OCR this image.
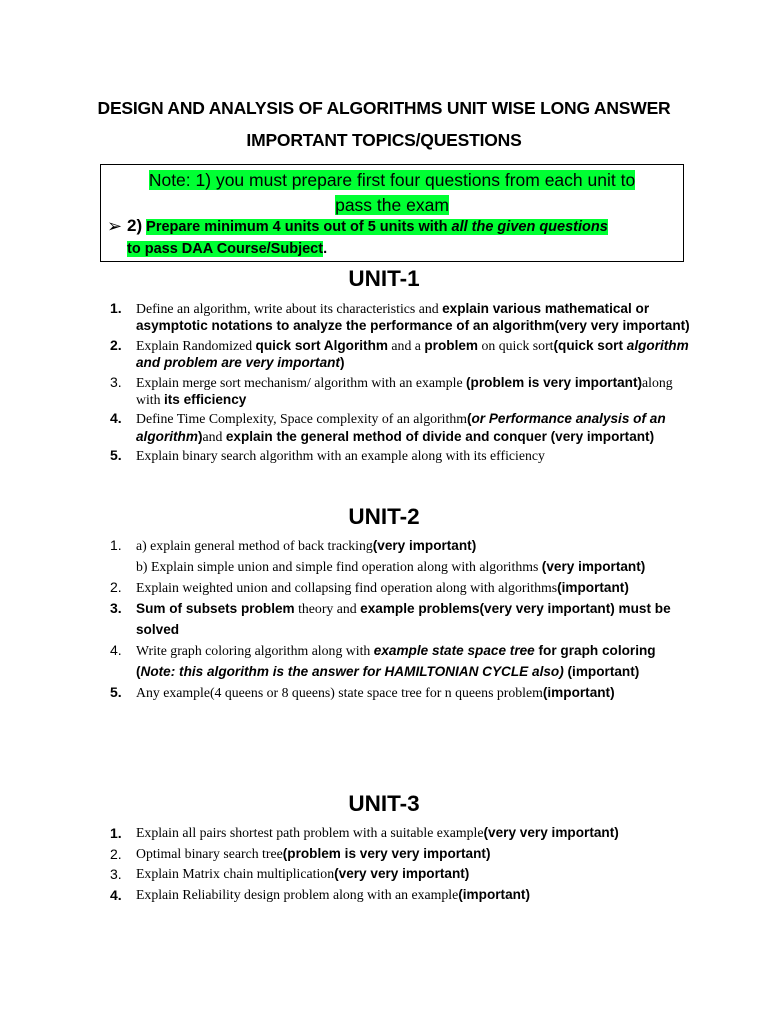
DESIGN AND ANALYSIS OF ALGORITHMS UNIT WISE LONG ANSWER
IMPORTANT TOPICS/QUESTIONS
Note: 1) you must prepare first four questions from each unit to
pass the exam
➢ 2) Prepare minimum 4 units out of 5 units with all the given questions
to pass DAA Course/Subject.
UNIT-1
1. Define an algorithm, write about its characteristics and explain various mathematical or asymptotic notations to analyze the performance of an algorithm(very very important)
2. Explain Randomized quick sort Algorithm and a problem on quick sort(quick sort algorithm and problem are very important)
3. Explain merge sort mechanism/ algorithm with an example (problem is very important)along with its efficiency
4. Define Time Complexity, Space complexity of an algorithm(or Performance analysis of an algorithm)and explain the general method of divide and conquer (very important)
5. Explain binary search algorithm with an example along with its efficiency
UNIT-2
1. a) explain general method of back tracking(very important)
b) Explain simple union and simple find operation along with algorithms (very important)
2. Explain weighted union and collapsing find operation along with algorithms(important)
3. Sum of subsets problem theory and example problems(very very important) must be solved
4. Write graph coloring algorithm along with example state space tree for graph coloring (Note: this algorithm is the answer for HAMILTONIAN CYCLE also) (important)
5. Any example(4 queens or 8 queens) state space tree for n queens problem(important)
UNIT-3
1. Explain all pairs shortest path problem with a suitable example(very very important)
2. Optimal binary search tree(problem is very very important)
3. Explain Matrix chain multiplication(very very important)
4. Explain Reliability design problem along with an example(important)
